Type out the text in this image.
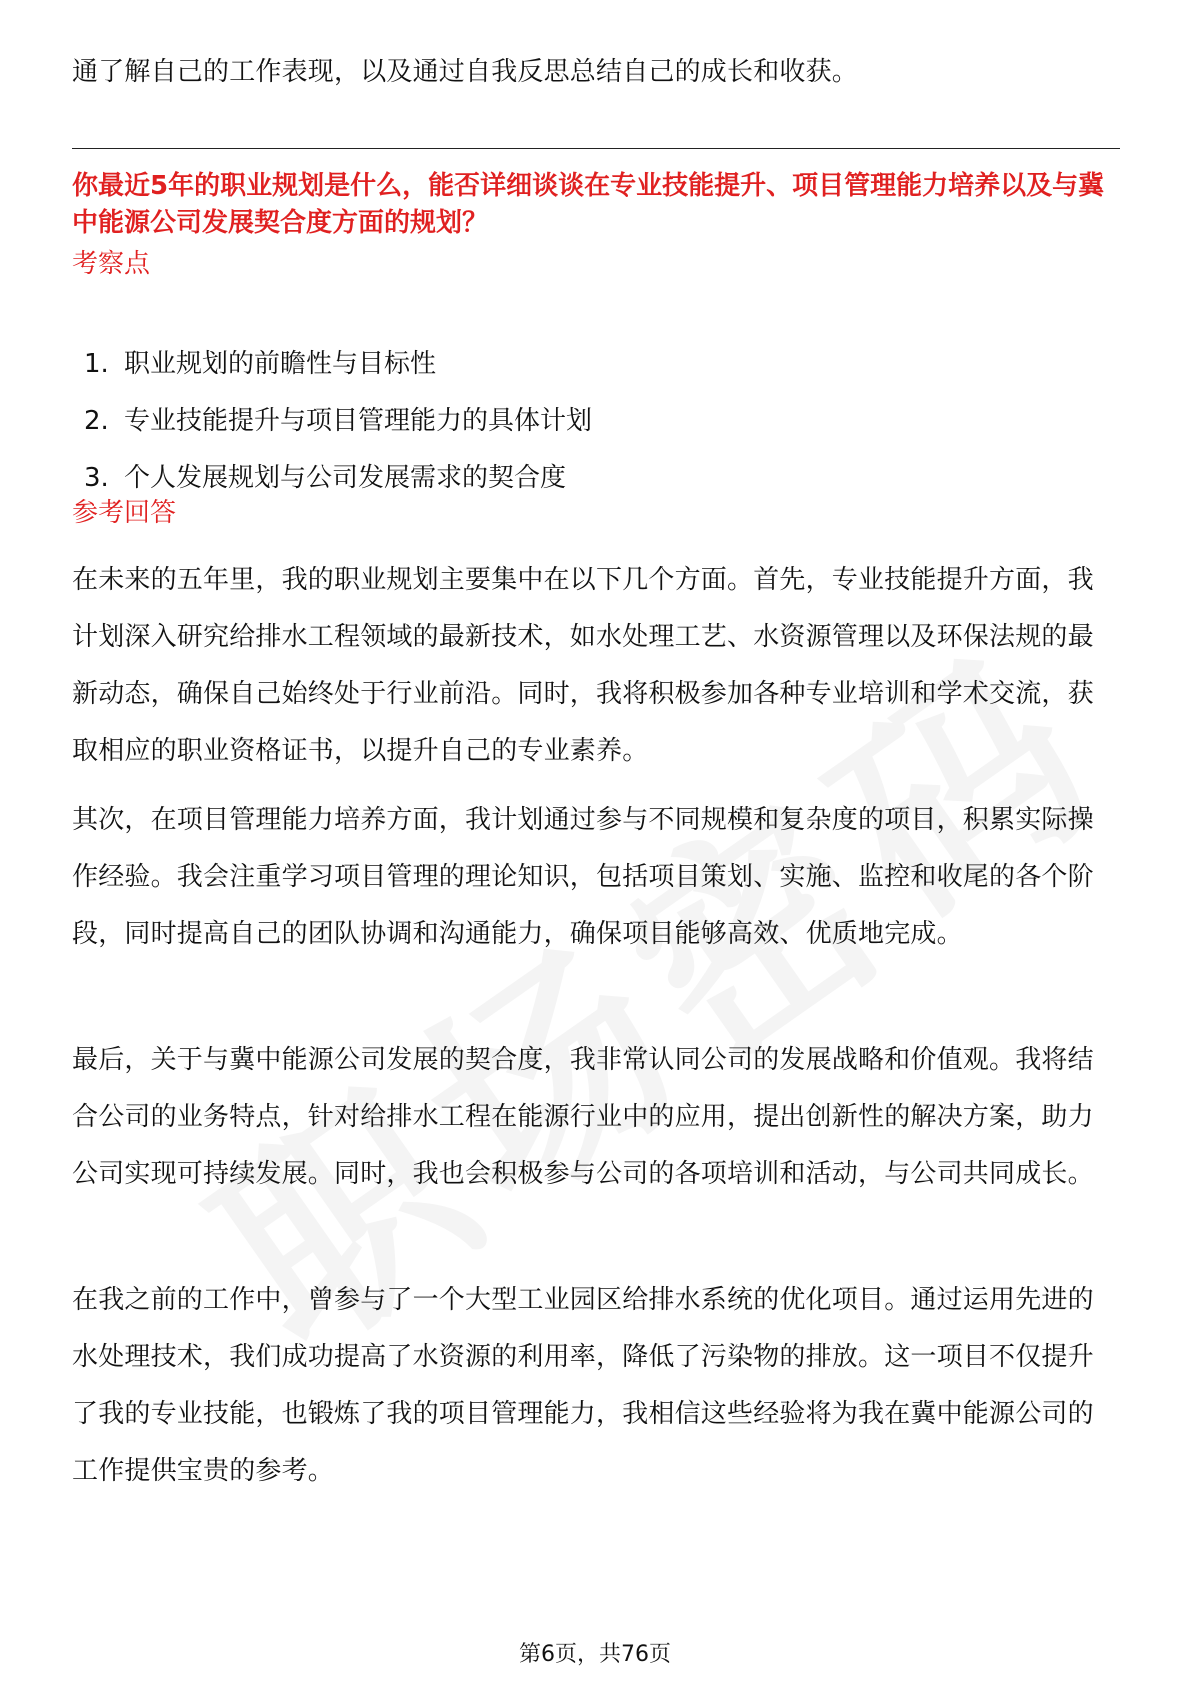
通了解自己的工作表现，以及通过自我反思总结自己的成长和收获。

你最近5年的职业规划是什么，能否详细谈谈在专业技能提升、项目管理能力培养以及与冀中能源公司发展契合度方面的规划？

考察点

1. 职业规划的前瞻性与目标性
2. 专业技能提升与项目管理能力的具体计划
3. 个人发展规划与公司发展需求的契合度

参考回答

在未来的五年里，我的职业规划主要集中在以下几个方面。首先，专业技能提升方面，我计划深入研究给排水工程领域的最新技术，如水处理工艺、水资源管理以及环保法规的最新动态，确保自己始终处于行业前沿。同时，我将积极参加各种专业培训和学术交流，获取相应的职业资格证书，以提升自己的专业素养。

其次，在项目管理能力培养方面，我计划通过参与不同规模和复杂度的项目，积累实际操作经验。我会注重学习项目管理的理论知识，包括项目策划、实施、监控和收尾的各个阶段，同时提高自己的团队协调和沟通能力，确保项目能够高效、优质地完成。

最后，关于与冀中能源公司发展的契合度，我非常认同公司的发展战略和价值观。我将结合公司的业务特点，针对给排水工程在能源行业中的应用，提出创新性的解决方案，助力公司实现可持续发展。同时，我也会积极参与公司的各项培训和活动，与公司共同成长。

在我之前的工作中，曾参与了一个大型工业园区给排水系统的优化项目。通过运用先进的水处理技术，我们成功提高了水资源的利用率，降低了污染物的排放。这一项目不仅提升了我的专业技能，也锻炼了我的项目管理能力，我相信这些经验将为我在冀中能源公司的工作提供宝贵的参考。

第6页，共76页
